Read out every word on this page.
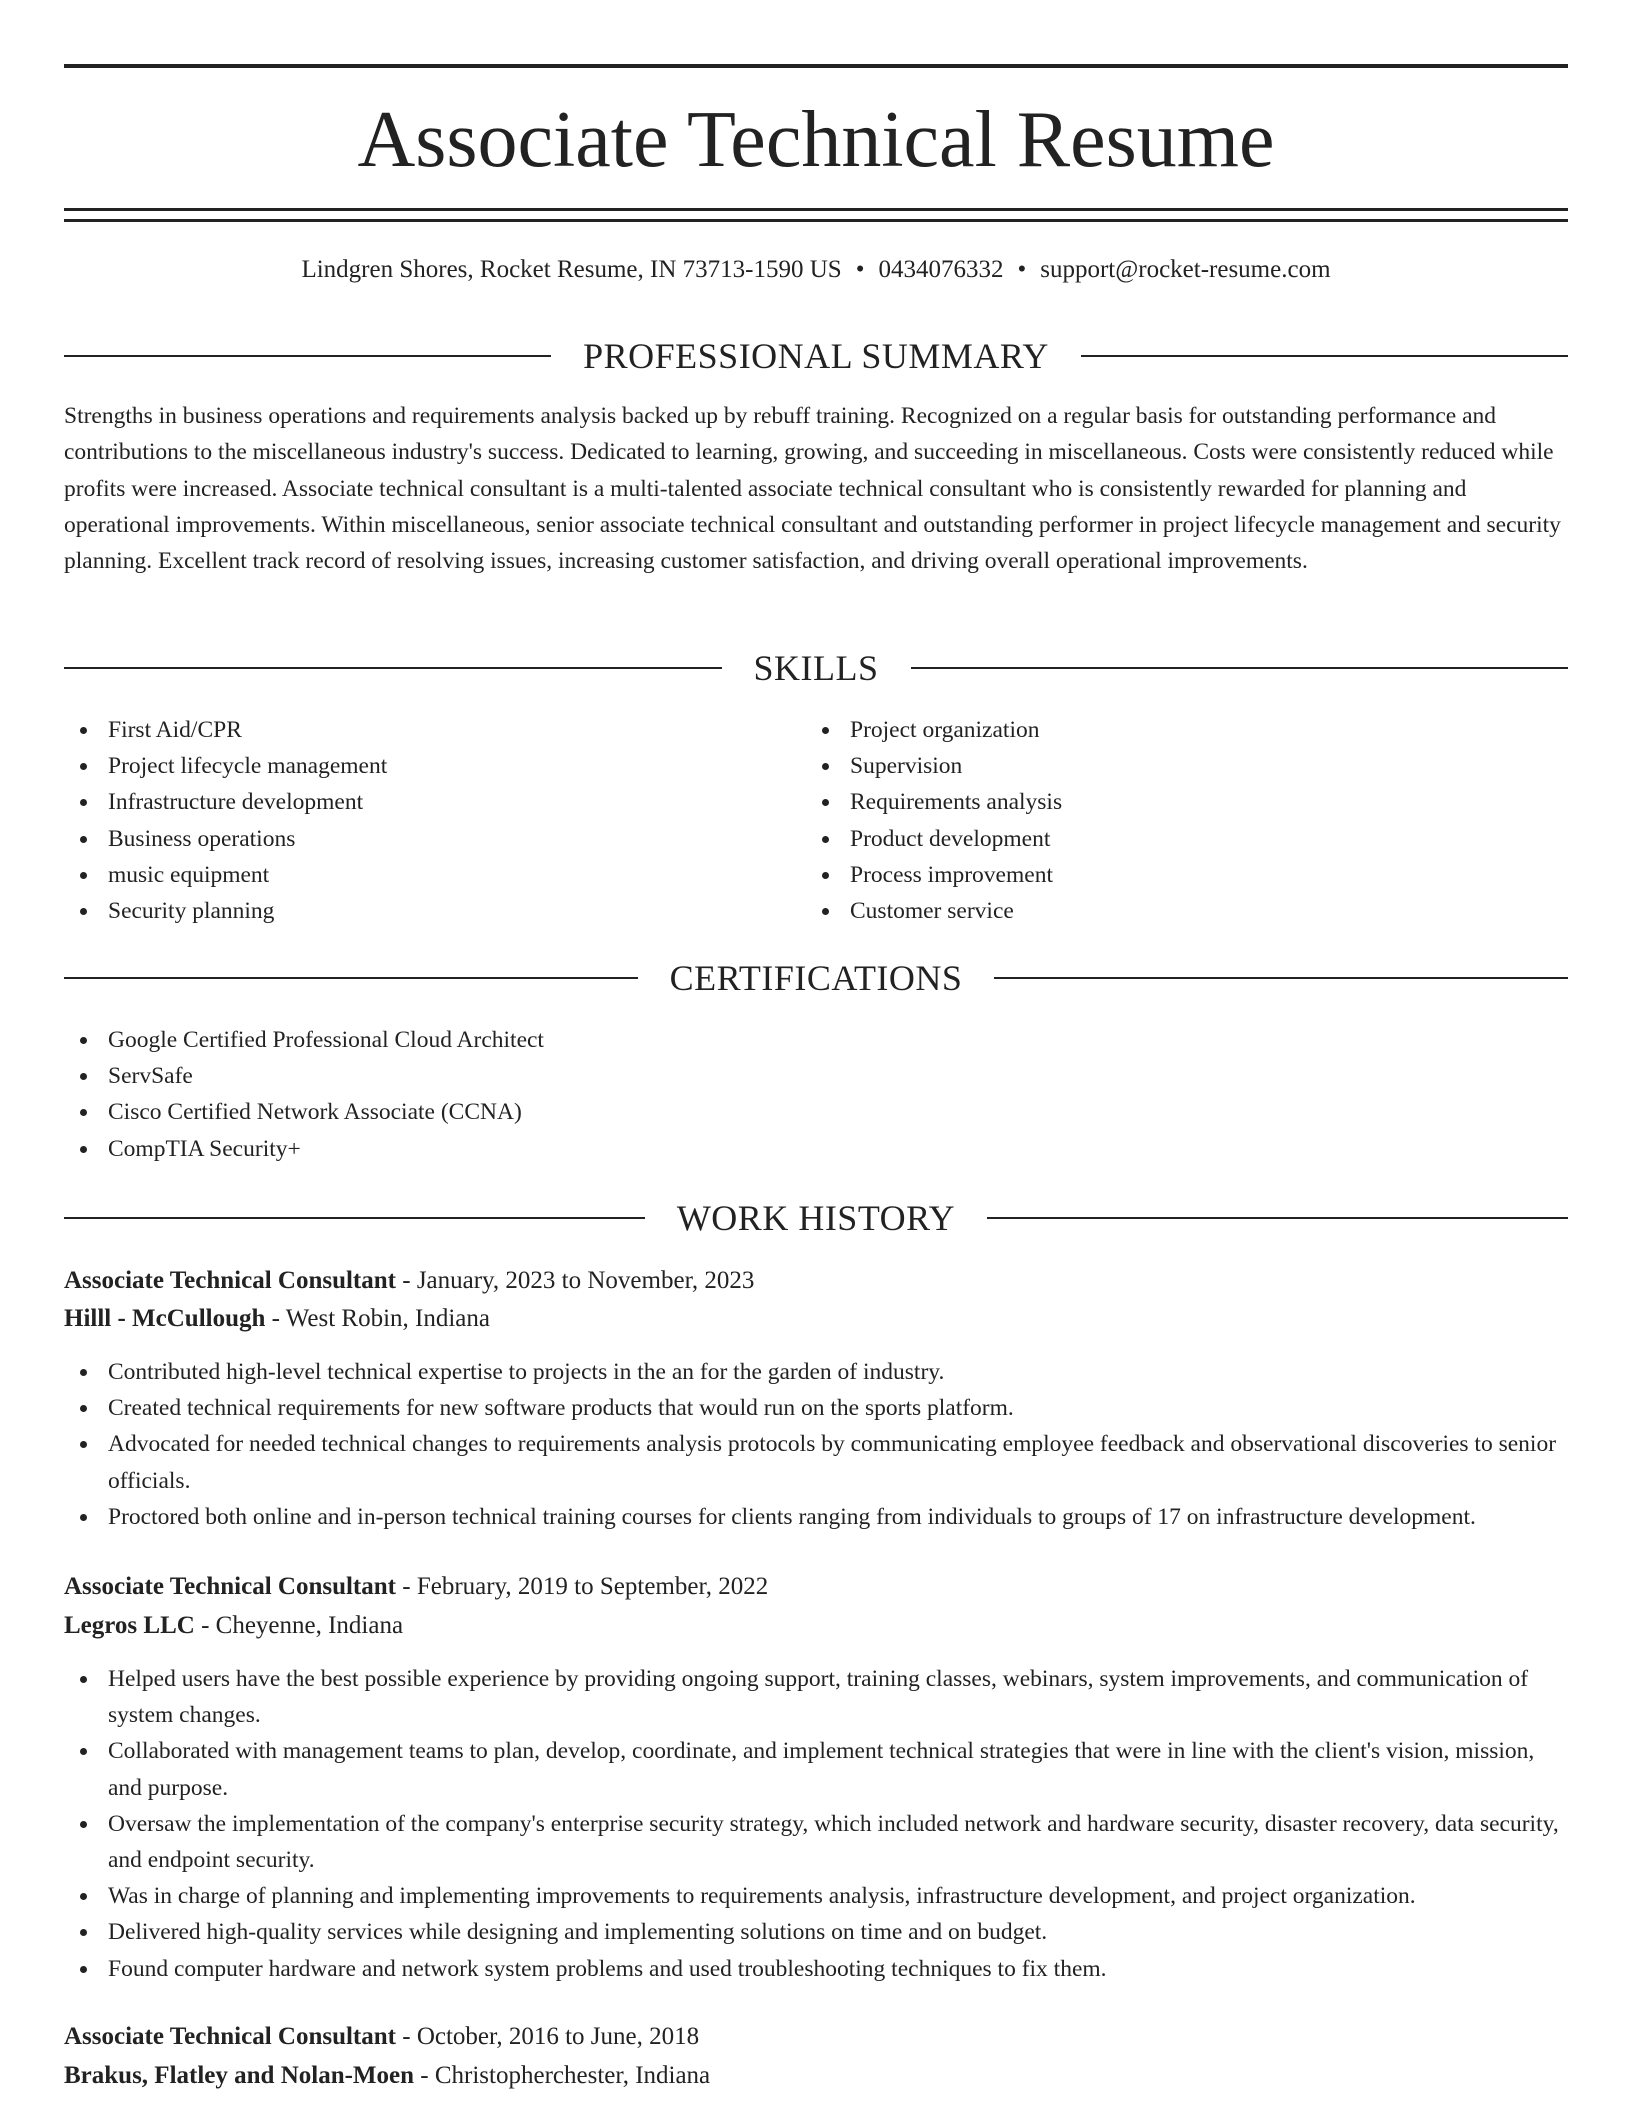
Associate Technical Resume
Lindgren Shores, Rocket Resume, IN 73713-1590 US • 0434076332 • support@rocket-resume.com
PROFESSIONAL SUMMARY
Strengths in business operations and requirements analysis backed up by rebuff training. Recognized on a regular basis for outstanding performance and contributions to the miscellaneous industry's success. Dedicated to learning, growing, and succeeding in miscellaneous. Costs were consistently reduced while profits were increased. Associate technical consultant is a multi-talented associate technical consultant who is consistently rewarded for planning and operational improvements. Within miscellaneous, senior associate technical consultant and outstanding performer in project lifecycle management and security planning. Excellent track record of resolving issues, increasing customer satisfaction, and driving overall operational improvements.
SKILLS
First Aid/CPR
Project lifecycle management
Infrastructure development
Business operations
music equipment
Security planning
Project organization
Supervision
Requirements analysis
Product development
Process improvement
Customer service
CERTIFICATIONS
Google Certified Professional Cloud Architect
ServSafe
Cisco Certified Network Associate (CCNA)
CompTIA Security+
WORK HISTORY
Associate Technical Consultant - January, 2023 to November, 2023
Hilll - McCullough - West Robin, Indiana
Contributed high-level technical expertise to projects in the an for the garden of industry.
Created technical requirements for new software products that would run on the sports platform.
Advocated for needed technical changes to requirements analysis protocols by communicating employee feedback and observational discoveries to senior officials.
Proctored both online and in-person technical training courses for clients ranging from individuals to groups of 17 on infrastructure development.
Associate Technical Consultant - February, 2019 to September, 2022
Legros LLC - Cheyenne, Indiana
Helped users have the best possible experience by providing ongoing support, training classes, webinars, system improvements, and communication of system changes.
Collaborated with management teams to plan, develop, coordinate, and implement technical strategies that were in line with the client's vision, mission, and purpose.
Oversaw the implementation of the company's enterprise security strategy, which included network and hardware security, disaster recovery, data security, and endpoint security.
Was in charge of planning and implementing improvements to requirements analysis, infrastructure development, and project organization.
Delivered high-quality services while designing and implementing solutions on time and on budget.
Found computer hardware and network system problems and used troubleshooting techniques to fix them.
Associate Technical Consultant - October, 2016 to June, 2018
Brakus, Flatley and Nolan-Moen - Christopherchester, Indiana
